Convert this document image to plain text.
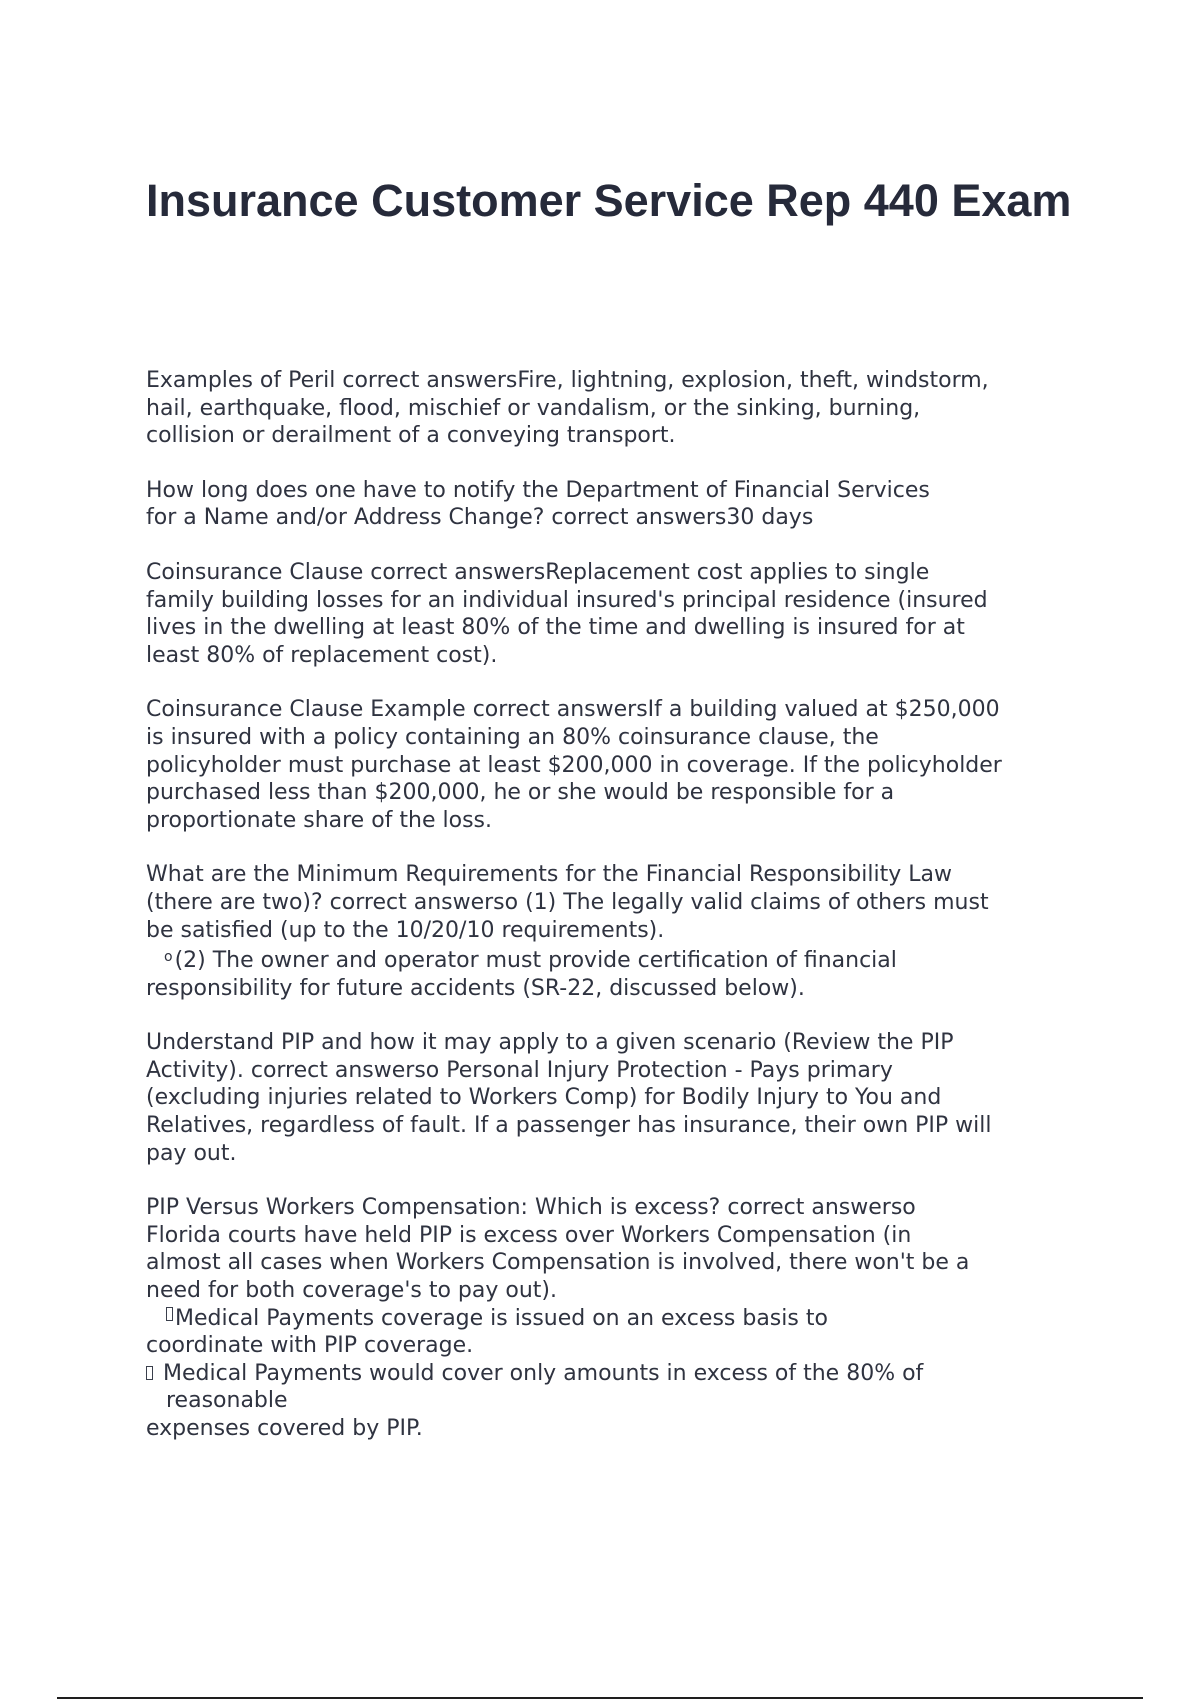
Insurance Customer Service Rep 440 Exam

Examples of Peril correct answersFire, lightning, explosion, theft, windstorm,
hail, earthquake, flood, mischief or vandalism, or the sinking, burning,
collision or derailment of a conveying transport.

How long does one have to notify the Department of Financial Services
for a Name and/or Address Change? correct answers30 days

Coinsurance Clause correct answersReplacement cost applies to single
family building losses for an individual insured's principal residence (insured
lives in the dwelling at least 80% of the time and dwelling is insured for at
least 80% of replacement cost).

Coinsurance Clause Example correct answersIf a building valued at $250,000
is insured with a policy containing an 80% coinsurance clause, the
policyholder must purchase at least $200,000 in coverage. If the policyholder
purchased less than $200,000, he or she would be responsible for a
proportionate share of the loss.

What are the Minimum Requirements for the Financial Responsibility Law
(there are two)? correct answerso (1) The legally valid claims of others must
be satisfied (up to the 10/20/10 requirements).
o(2) The owner and operator must provide certification of financial
responsibility for future accidents (SR-22, discussed below).

Understand PIP and how it may apply to a given scenario (Review the PIP
Activity). correct answerso Personal Injury Protection - Pays primary
(excluding injuries related to Workers Comp) for Bodily Injury to You and
Relatives, regardless of fault. If a passenger has insurance, their own PIP will
pay out.

PIP Versus Workers Compensation: Which is excess? correct answerso
Florida courts have held PIP is excess over Workers Compensation (in
almost all cases when Workers Compensation is involved, there won't be a
need for both coverage's to pay out).
Medical Payments coverage is issued on an excess basis to
coordinate with PIP coverage.
Medical Payments would cover only amounts in excess of the 80% of
reasonable
expenses covered by PIP.
